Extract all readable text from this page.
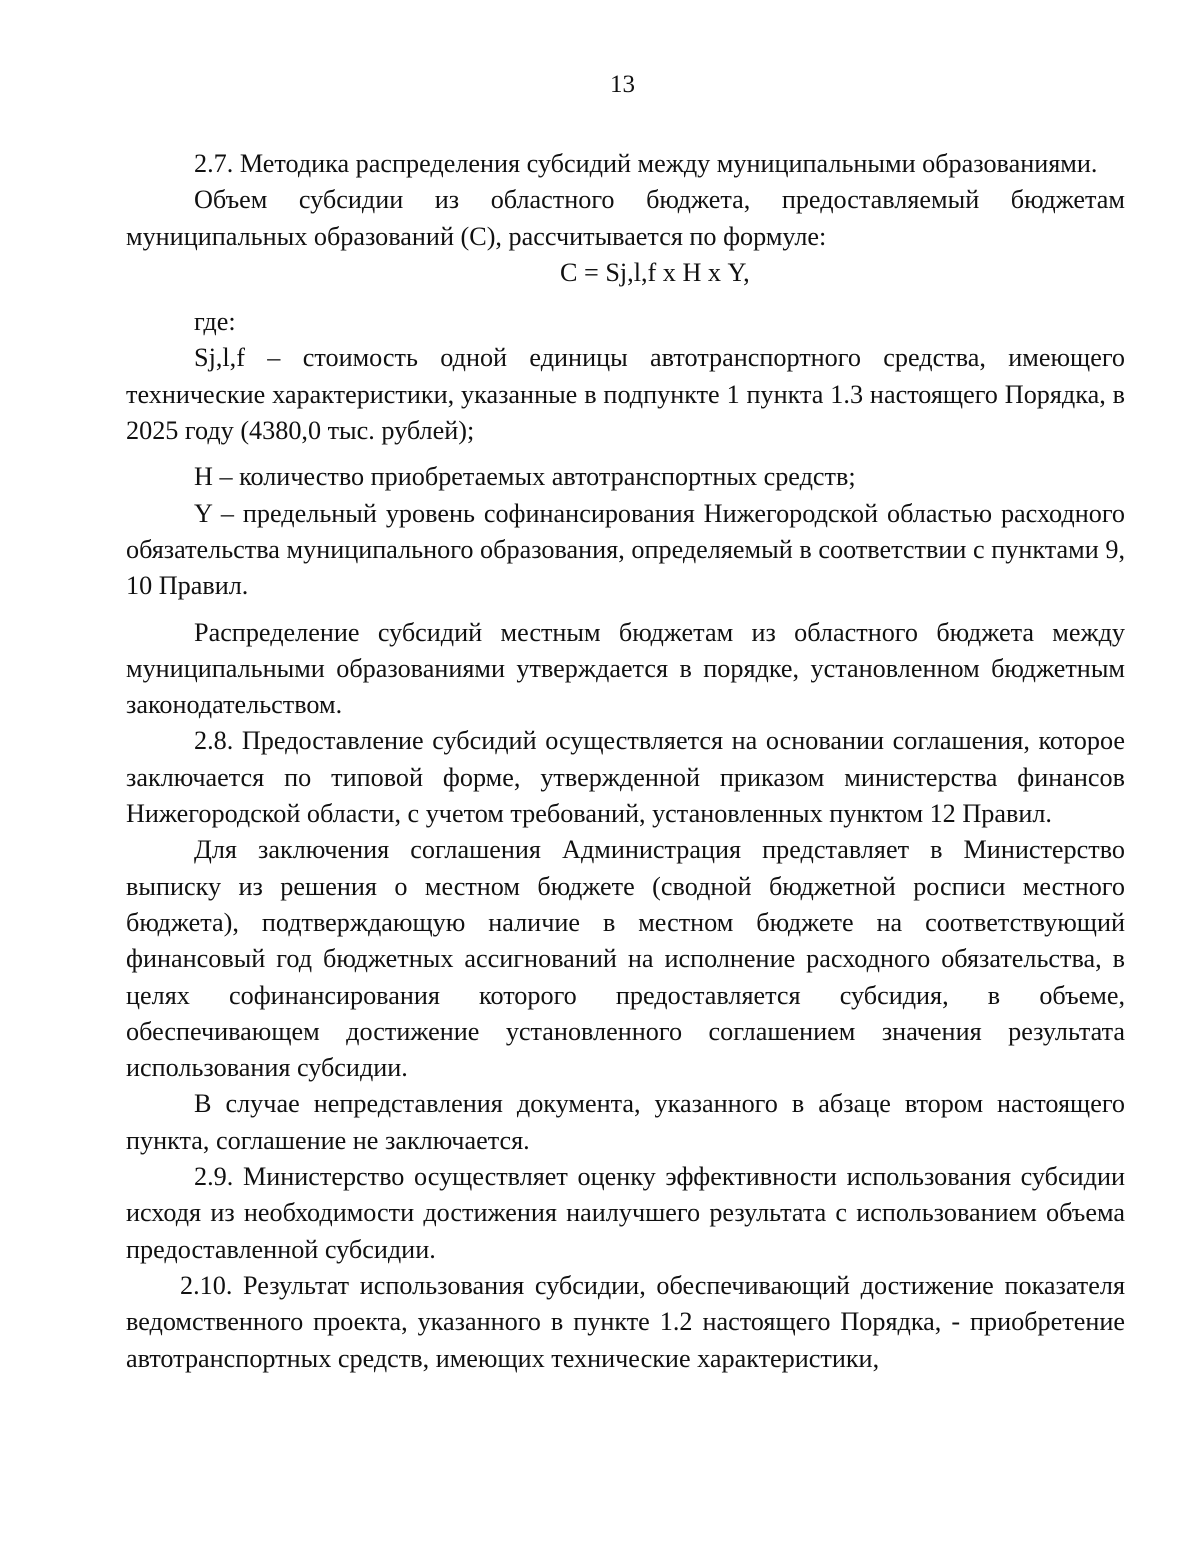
13

2.7. Методика распределения субсидий между муниципальными образованиями.

Объем субсидии из областного бюджета, предоставляемый бюджетам муниципальных образований (С), рассчитывается по формуле:

С = Sj,l,f х Н х Y,

где:

Sj,l,f – стоимость одной единицы автотранспортного средства, имеющего технические характеристики, указанные в подпункте 1 пункта 1.3 настоящего Порядка, в 2025 году (4380,0 тыс. рублей);

Н – количество приобретаемых автотранспортных средств;

Y – предельный уровень софинансирования Нижегородской областью расходного обязательства муниципального образования, определяемый в соответствии с пунктами 9, 10 Правил.

Распределение субсидий местным бюджетам из областного бюджета между муниципальными образованиями утверждается в порядке, установленном бюджетным законодательством.

2.8. Предоставление субсидий осуществляется на основании соглашения, которое заключается по типовой форме, утвержденной приказом министерства финансов Нижегородской области, с учетом требований, установленных пунктом 12 Правил.

Для заключения соглашения Администрация представляет в Министерство выписку из решения о местном бюджете (сводной бюджетной росписи местного бюджета), подтверждающую наличие в местном бюджете на соответствующий финансовый год бюджетных ассигнований на исполнение расходного обязательства, в целях софинансирования которого предоставляется субсидия, в объеме, обеспечивающем достижение установленного соглашением значения результата использования субсидии.

В случае непредставления документа, указанного в абзаце втором настоящего пункта, соглашение не заключается.

2.9. Министерство осуществляет оценку эффективности использования субсидии исходя из необходимости достижения наилучшего результата с использованием объема предоставленной субсидии.

2.10. Результат использования субсидии, обеспечивающий достижение показателя ведомственного проекта, указанного в пункте 1.2 настоящего Порядка, - приобретение автотранспортных средств, имеющих технические характеристики,
